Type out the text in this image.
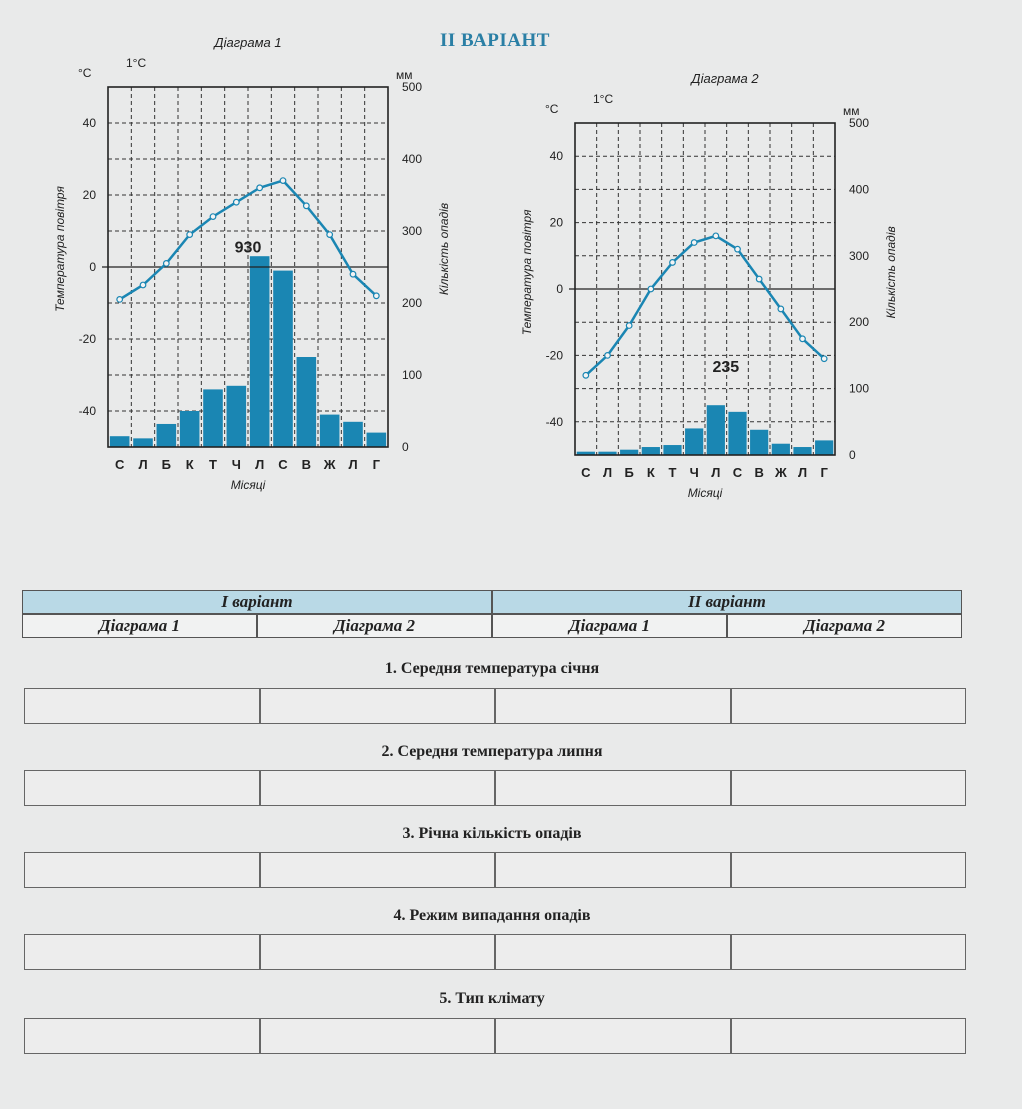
II ВАРІАНТ
Діаграма 1
°C
1°C
мм
40
20
0
-20
-40
500
400
300
200
100
0
С Л Б К Т Ч Л С В Ж Л Г
Місяці
Температура повітря	Кількість опадів
930
Діаграма 2
°C
1°C
мм
40
20
0
-20
-40
500
400
300
200
100
0
С Л Б К Т Ч Л С В Ж Л Г
Місяці
Температура повітря	Кількість опадів
235
I варіант	II варіант
Діаграма 1	Діаграма 2	Діаграма 1	Діаграма 2
1. Середня температура січня
2. Середня температура липня
3. Річна кількість опадів
4. Режим випадання опадів
5. Тип клімату
